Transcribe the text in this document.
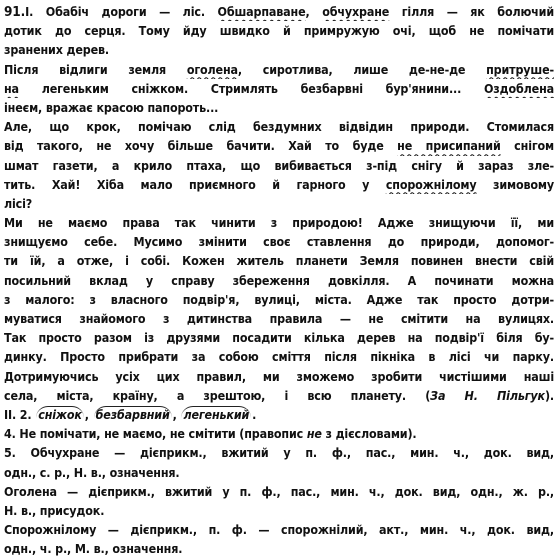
91.I. Обабіч дороги — ліс. Обшарпаване, обчухране гілля — як болючий
дотик до серця. Тому йду швидко й примружую очі, щоб не помічати
зранених дерев.
Після відлиги земля оголена, сиротлива, лише де-не-де притруше-
на легеньким сніжком. Стримлять безбарвні бур'янини... Оздоблена
інеєм, вражає красою папороть...
Але, що крок, помічаю слід бездумних відвідин природи. Стомилася
від такого, не хочу більше бачити. Хай то буде не присипаний снігом
шмат газети, а крило птаха, що вибивається з-під снігу й зараз зле-
тить. Хай! Хіба мало приємного й гарного у спорожнілому зимовому
лісі?
Ми не маємо права так чинити з природою! Адже знищуючи її, ми
знищуємо себе. Мусимо змінити своє ставлення до природи, допомог-
ти їй, а отже, і собі. Кожен житель планети Земля повинен внести свій
посильний вклад у справу збереження довкілля. А починати можна
з малого: з власного подвір'я, вулиці, міста. Адже так просто дотри-
муватися знайомого з дитинства правила — не смітити на вулицях.
Так просто разом із друзями посадити кілька дерев на подвір'ї біля бу-
динку. Просто прибрати за собою сміття після пікніка в лісі чи парку.
Дотримуючись усіх цих правил, ми зможемо зробити чистішими наші
села, міста, країну, а зрештою, і всю планету. (За Н. Пільгук).
II. 2. сніжок , безбарвний , легенький .
4. Не помічати, не маємо, не смітити (правопис не з дієсловами).
5. Обчухране — дієприкм., вжитий у п. ф., пас., мин. ч., док. вид,
одн., с. р., Н. в., означення.
Оголена — дієприкм., вжитий у п. ф., пас., мин. ч., док. вид, одн., ж. р.,
Н. в., присудок.
Спорожнілому — дієприкм., п. ф. — спорожнілий, акт., мин. ч., док. вид,
одн., ч. р., М. в., означення.
